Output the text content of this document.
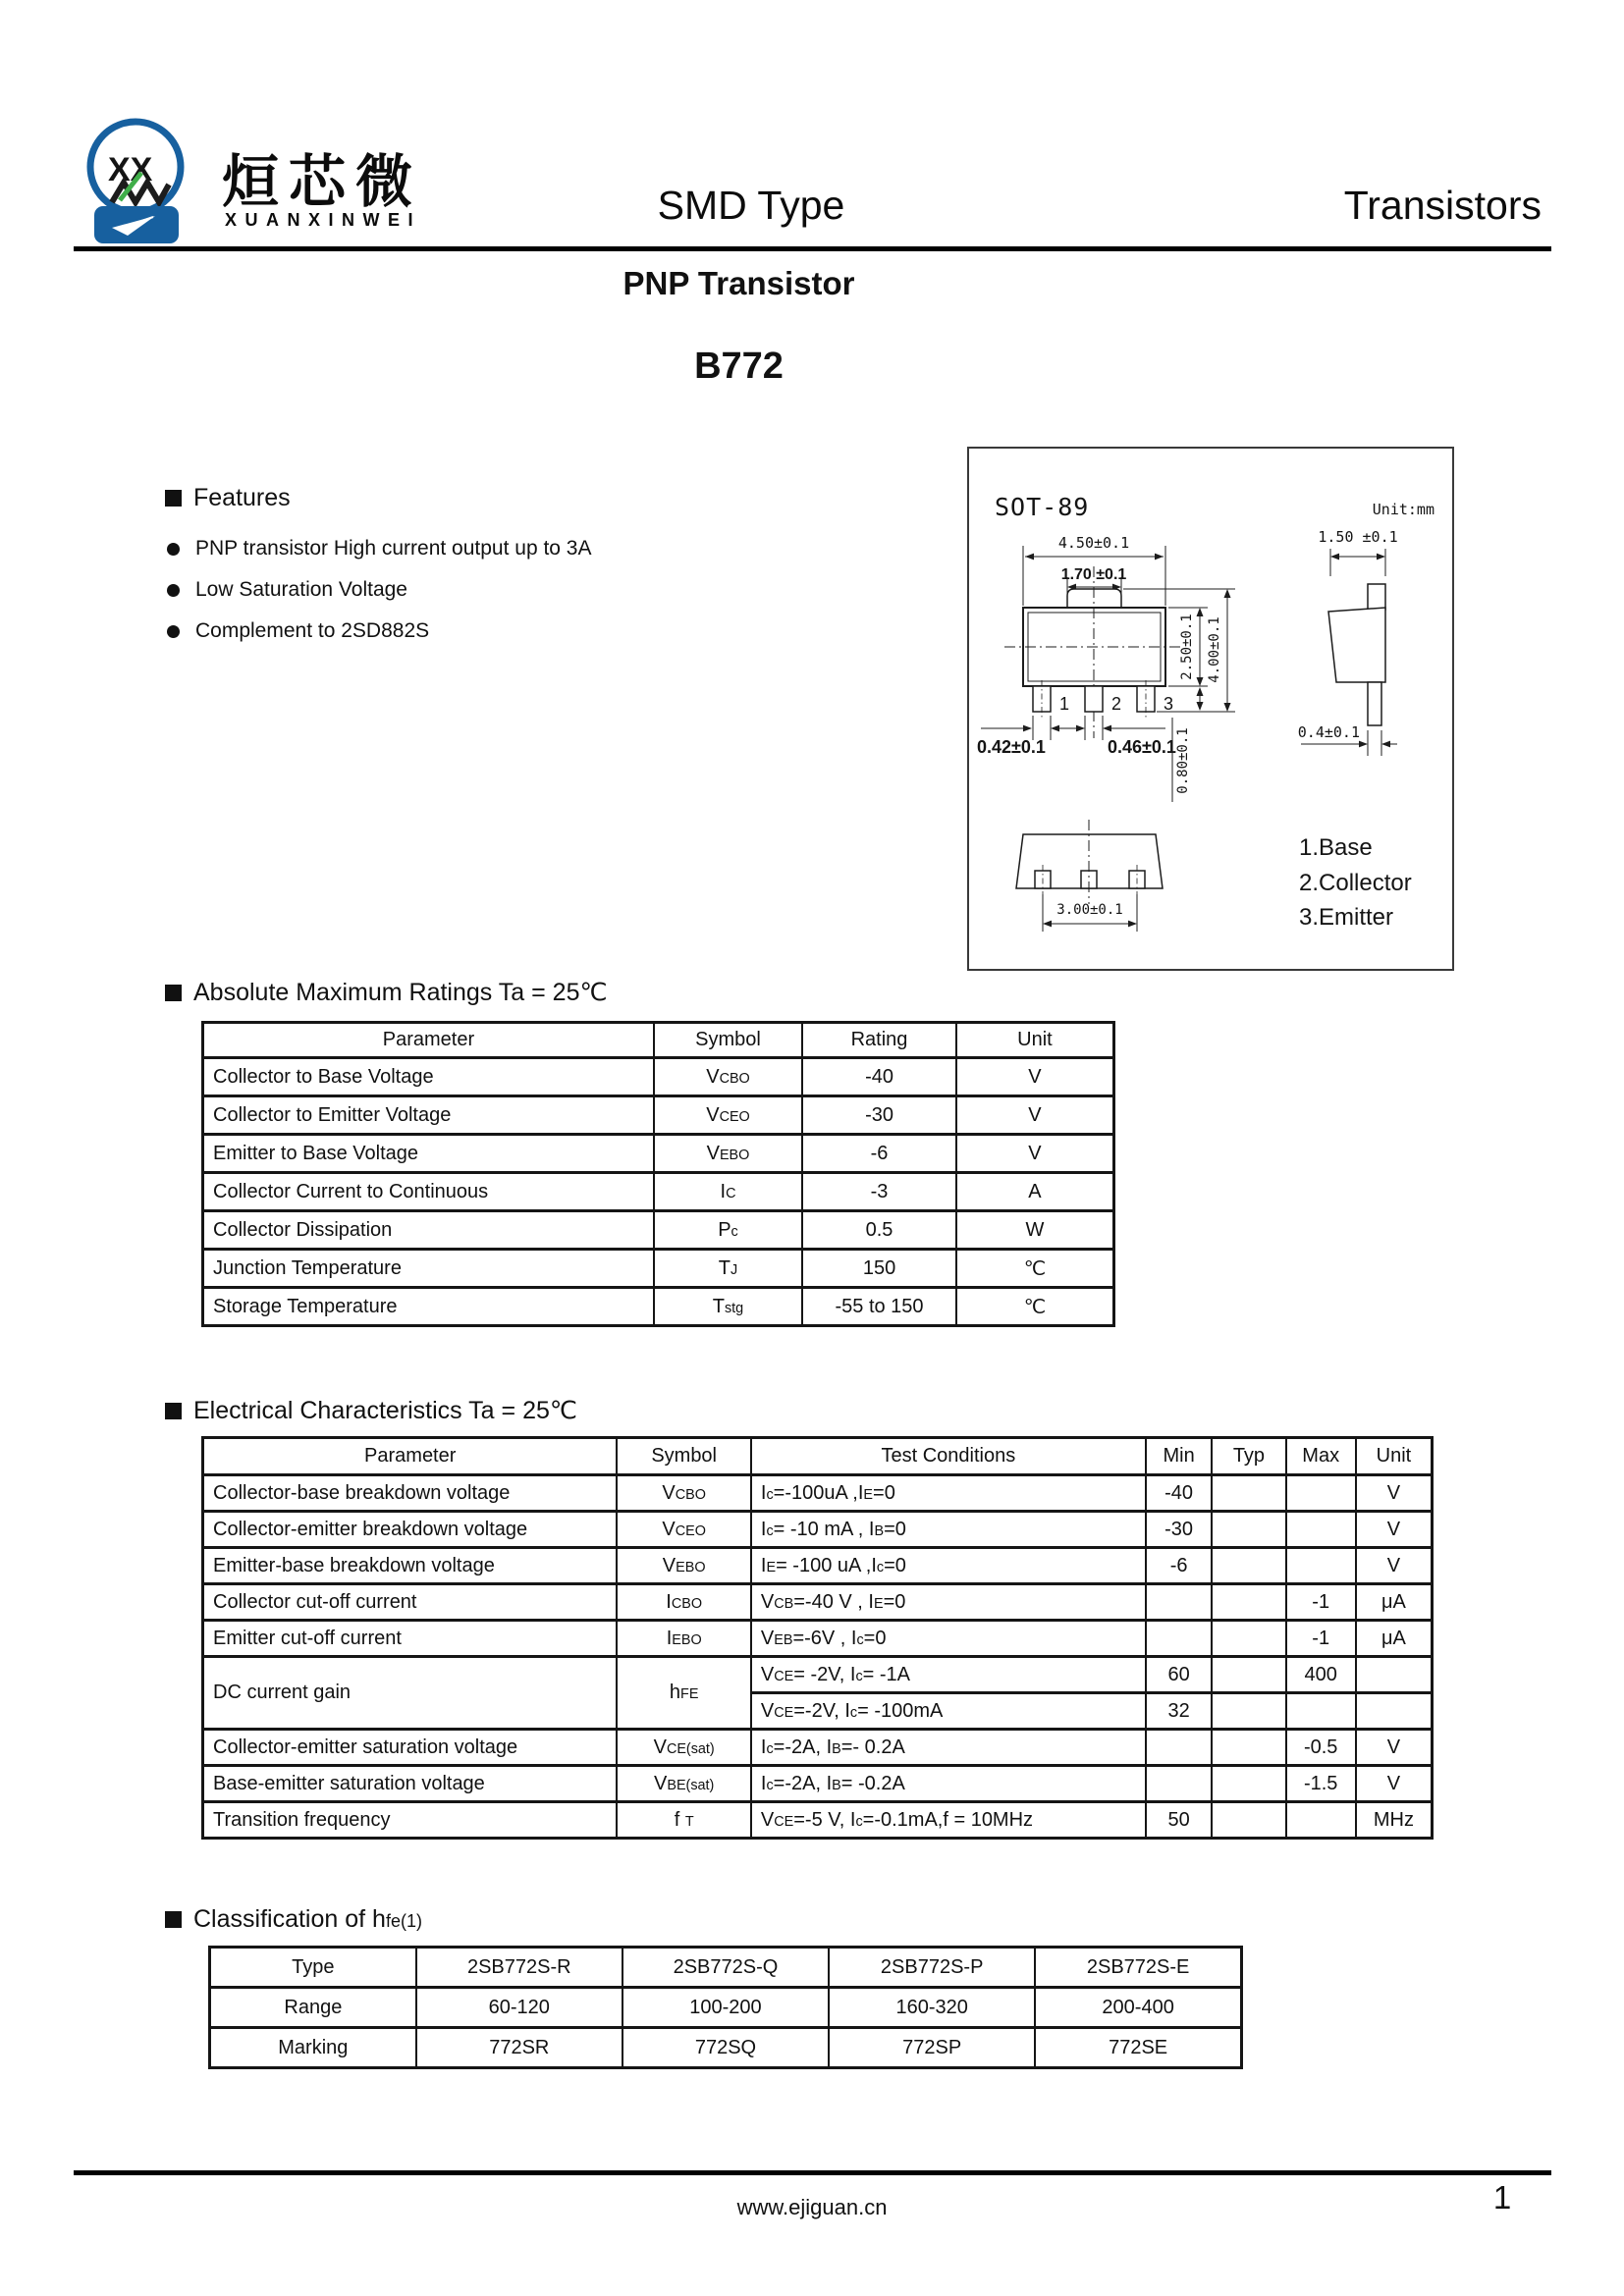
XX 烜芯微
XUANXINWEI	SMD Type	Transistors
PNP Transistor
B772
Features
PNP transistor High current output up to 3A
Low Saturation Voltage
Complement to 2SD882S
SOT-89	Unit:mm
4.50±0.1
1.70 ±0.1
1 2 3
2.50±0.1 4.00±0.1
0.42±0.1	0.46±0.1 0.80±0.1
1.50 ±0.1
0.4±0.1
3.00±0.1
1.Base
2.Collector
3.Emitter
Absolute Maximum Ratings Ta = 25℃
Parameter	Symbol	Rating	Unit
Collector to Base Voltage	VCBO	-40	V
Collector to Emitter Voltage	VCEO	-30	V
Emitter to Base Voltage	VEBO	-6	V
Collector Current to Continuous	IC	-3	A
Collector Dissipation	Pc	0.5	W
Junction Temperature	TJ	150	℃
Storage Temperature	Tstg	-55 to 150	℃
Electrical Characteristics Ta = 25℃
Parameter	Symbol	Test Conditions	Min	Typ	Max	Unit
Collector-base breakdown voltage	VCBO	Ic=-100uA ,IE=0	-40			V
Collector-emitter breakdown voltage	VCEO	Ic= -10 mA , IB=0	-30			V
Emitter-base breakdown voltage	VEBO	IE= -100 uA ,Ic=0	-6			V
Collector cut-off current	ICBO	VCB=-40 V , IE=0			-1	μA
Emitter cut-off current	IEBO	VEB=-6V , Ic=0			-1	μA
DC current gain	hFE	VCE= -2V, Ic= -1A	60		400	
		VCE=-2V, Ic= -100mA	32			
Collector-emitter saturation voltage	VCE(sat)	Ic=-2A, IB=- 0.2A			-0.5	V
Base-emitter saturation voltage	VBE(sat)	Ic=-2A, IB= -0.2A			-1.5	V
Transition frequency	f T	VCE=-5 V, Ic=-0.1mA,f = 10MHz	50			MHz
Classification of hfe(1)
Type	2SB772S-R	2SB772S-Q	2SB772S-P	2SB772S-E
Range	60-120	100-200	160-320	200-400
Marking	772SR	772SQ	772SP	772SE
www.ejiguan.cn	1
